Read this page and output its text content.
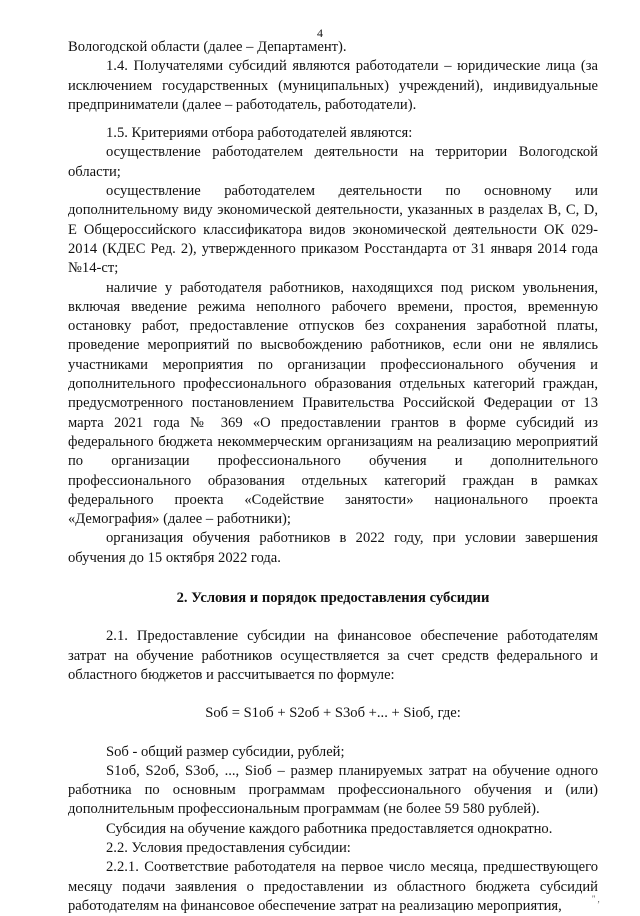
4

Вологодской области (далее – Департамент).

1.4. Получателями субсидий являются работодатели – юридические лица (за исключением государственных (муниципальных) учреждений), индивидуальные предприниматели (далее – работодатель, работодатели).

1.5. Критериями отбора работодателей являются:

осуществление работодателем деятельности на территории Вологодской области;

осуществление работодателем деятельности по основному или дополнительному виду экономической деятельности, указанных в разделах B, C, D, E Общероссийского классификатора видов экономической деятельности ОК 029-2014 (КДЕС Ред. 2), утвержденного приказом Росстандарта от 31 января 2014 года №14-ст;

наличие у работодателя работников, находящихся под риском увольнения, включая введение режима неполного рабочего времени, простоя, временную остановку работ, предоставление отпусков без сохранения заработной платы, проведение мероприятий по высвобождению работников, если они не являлись участниками мероприятия по организации профессионального обучения и дополнительного профессионального образования отдельных категорий граждан, предусмотренного постановлением Правительства Российской Федерации от 13 марта 2021 года № 369 «О предоставлении грантов в форме субсидий из федерального бюджета некоммерческим организациям на реализацию мероприятий по организации профессионального обучения и дополнительного профессионального образования отдельных категорий граждан в рамках федерального проекта «Содействие занятости» национального проекта «Демография» (далее – работники);

организация обучения работников в 2022 году, при условии завершения обучения до 15 октября 2022 года.

2. Условия и порядок предоставления субсидии

2.1. Предоставление субсидии на финансовое обеспечение работодателям затрат на обучение работников осуществляется за счет средств федерального и областного бюджетов и рассчитывается по формуле:

Sоб = S1об + S2об + S3об +... + Siоб, где:

Sоб - общий размер субсидии, рублей;

S1об, S2об, S3об, ..., Siоб – размер планируемых затрат на обучение одного работника по основным программам профессионального обучения и (или) дополнительным профессиональным программам (не более 59 580 рублей).

Субсидия на обучение каждого работника предоставляется однократно.

2.2. Условия предоставления субсидии:

2.2.1. Соответствие работодателя на первое число месяца, предшествующего месяцу подачи заявления о предоставлении из областного бюджета субсидий работодателям на финансовое обеспечение затрат на реализацию мероприятия,	'' ,
